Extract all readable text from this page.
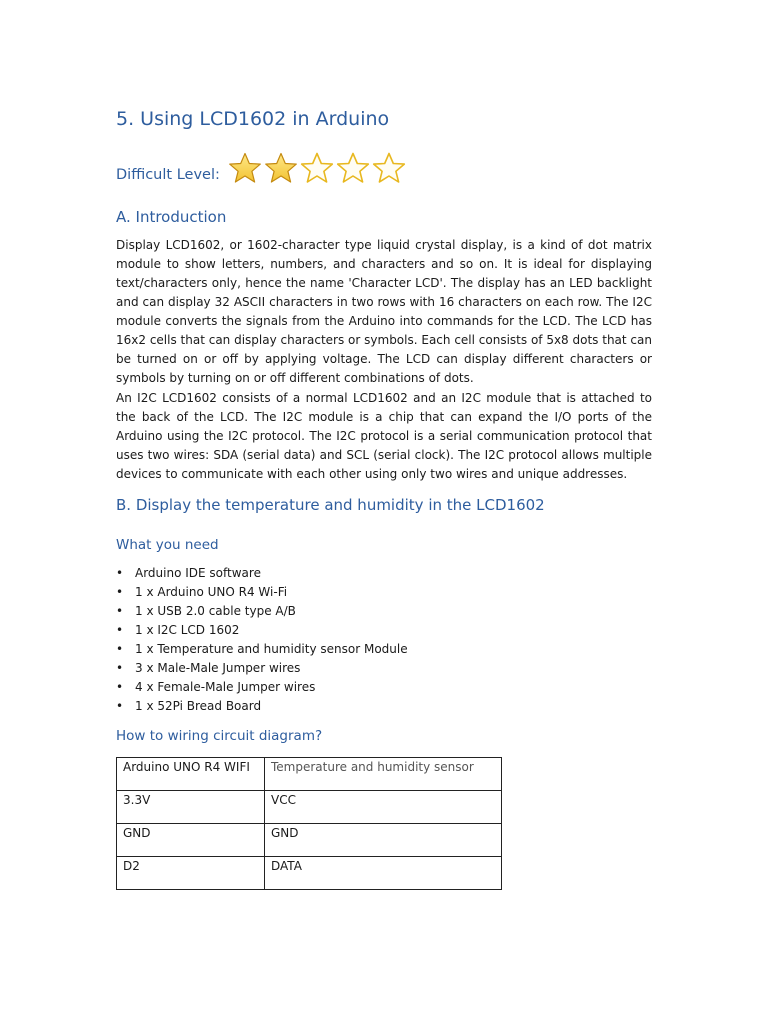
5. Using LCD1602 in Arduino
Difficult Level:
A. Introduction

Display LCD1602, or 1602-character type liquid crystal display, is a kind of dot matrix module to show letters, numbers, and characters and so on. It is ideal for displaying text/characters only, hence the name 'Character LCD'. The display has an LED backlight and can display 32 ASCII characters in two rows with 16 characters on each row. The I2C module converts the signals from the Arduino into commands for the LCD. The LCD has 16x2 cells that can display characters or symbols. Each cell consists of 5x8 dots that can be turned on or off by applying voltage. The LCD can display different characters or symbols by turning on or off different combinations of dots.

An I2C LCD1602 consists of a normal LCD1602 and an I2C module that is attached to the back of the LCD. The I2C module is a chip that can expand the I/O ports of the Arduino using the I2C protocol. The I2C protocol is a serial communication protocol that uses two wires: SDA (serial data) and SCL (serial clock). The I2C protocol allows multiple devices to communicate with each other using only two wires and unique addresses.

B. Display the temperature and humidity in the LCD1602
What you need
• Arduino IDE software
• 1 x Arduino UNO R4 Wi-Fi
• 1 x USB 2.0 cable type A/B
• 1 x I2C LCD 1602
• 1 x Temperature and humidity sensor Module
• 3 x Male-Male Jumper wires
• 4 x Female-Male Jumper wires
• 1 x 52Pi Bread Board
How to wiring circuit diagram?
Arduino UNO R4 WIFI	Temperature and humidity sensor
3.3V	VCC
GND	GND
D2	DATA
